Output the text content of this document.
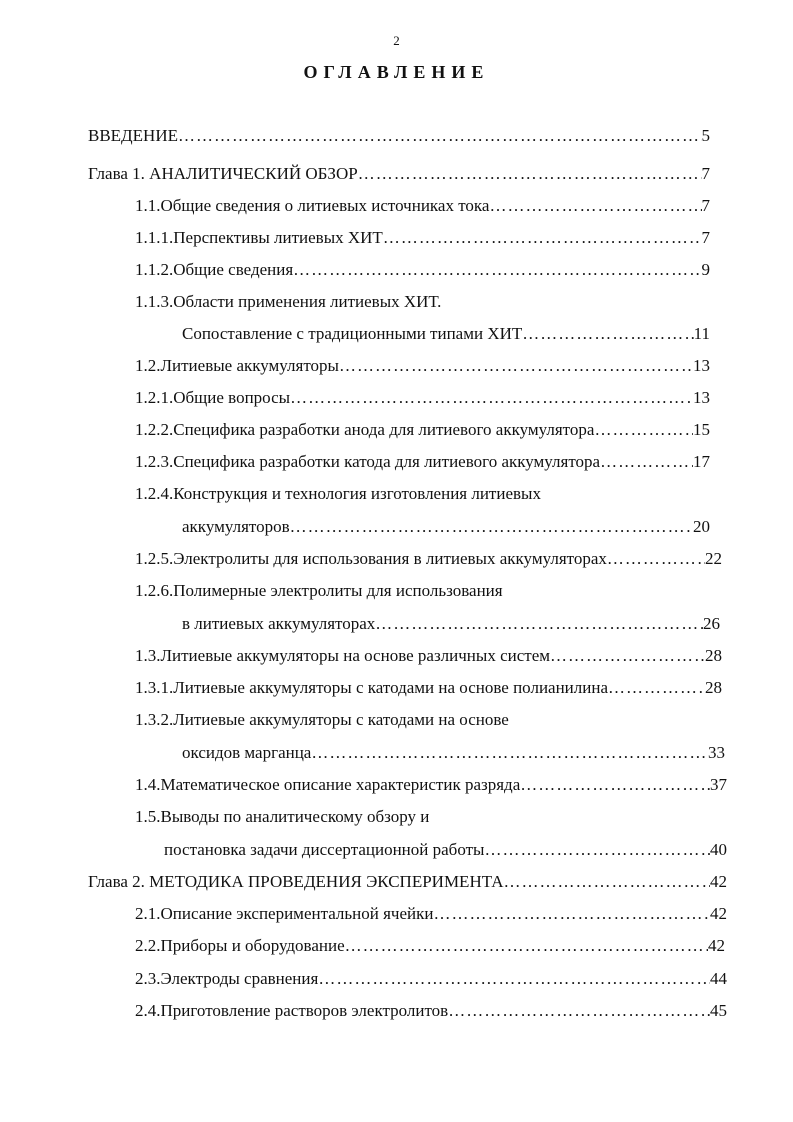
2
ОГЛАВЛЕНИЕ
ВВЕДЕНИЕ ………………………………………………………………………………………………………………………………………………………………………………	5
Глава 1. АНАЛИТИЧЕСКИЙ ОБЗОР ………………………………………………………………………………………………………………………………………………………………………………	7
1.1.Общие сведения о литиевых источниках тока ………………………………………………………………………………………………………………………………………………………………………………	7
1.1.1.Перспективы литиевых ХИТ ………………………………………………………………………………………………………………………………………………………………………………	7
1.1.2.Общие сведения ………………………………………………………………………………………………………………………………………………………………………………	9
1.1.3.Области применения литиевых ХИТ.
Сопоставление с традиционными типами ХИТ ………………………………………………………………………………………………………………………………………………………………………………	11
1.2.Литиевые аккумуляторы ………………………………………………………………………………………………………………………………………………………………………………	13
1.2.1.Общие вопросы ………………………………………………………………………………………………………………………………………………………………………………	13
1.2.2.Специфика разработки анода для литиевого аккумулятора ………………………………………………………………………………………………………………………………………………………………………………	15
1.2.3.Специфика разработки катода для литиевого аккумулятора ………………………………………………………………………………………………………………………………………………………………………………	17
1.2.4.Конструкция и технология изготовления литиевых
аккумуляторов ………………………………………………………………………………………………………………………………………………………………………………	20
1.2.5.Электролиты для использования в литиевых аккумуляторах ………………………………………………………………………………………………………………………………………………………………………………	22
1.2.6.Полимерные электролиты для использования
в литиевых аккумуляторах ………………………………………………………………………………………………………………………………………………………………………………	26
1.3.Литиевые аккумуляторы на основе различных систем ………………………………………………………………………………………………………………………………………………………………………………	28
1.3.1.Литиевые аккумуляторы с катодами на основе полианилина ………………………………………………………………………………………………………………………………………………………………………………	28
1.3.2.Литиевые аккумуляторы с катодами на основе
оксидов марганца ………………………………………………………………………………………………………………………………………………………………………………	33
1.4.Математическое описание характеристик разряда ………………………………………………………………………………………………………………………………………………………………………………	37
1.5.Выводы по аналитическому обзору и
постановка задачи диссертационной работы ………………………………………………………………………………………………………………………………………………………………………………	40
Глава 2. МЕТОДИКА ПРОВЕДЕНИЯ ЭКСПЕРИМЕНТА ………………………………………………………………………………………………………………………………………………………………………………	42
2.1.Описание экспериментальной ячейки ………………………………………………………………………………………………………………………………………………………………………………	42
2.2.Приборы и оборудование ………………………………………………………………………………………………………………………………………………………………………………	42
2.3.Электроды сравнения ………………………………………………………………………………………………………………………………………………………………………………	44
2.4.Приготовление растворов электролитов ………………………………………………………………………………………………………………………………………………………………………………	45
